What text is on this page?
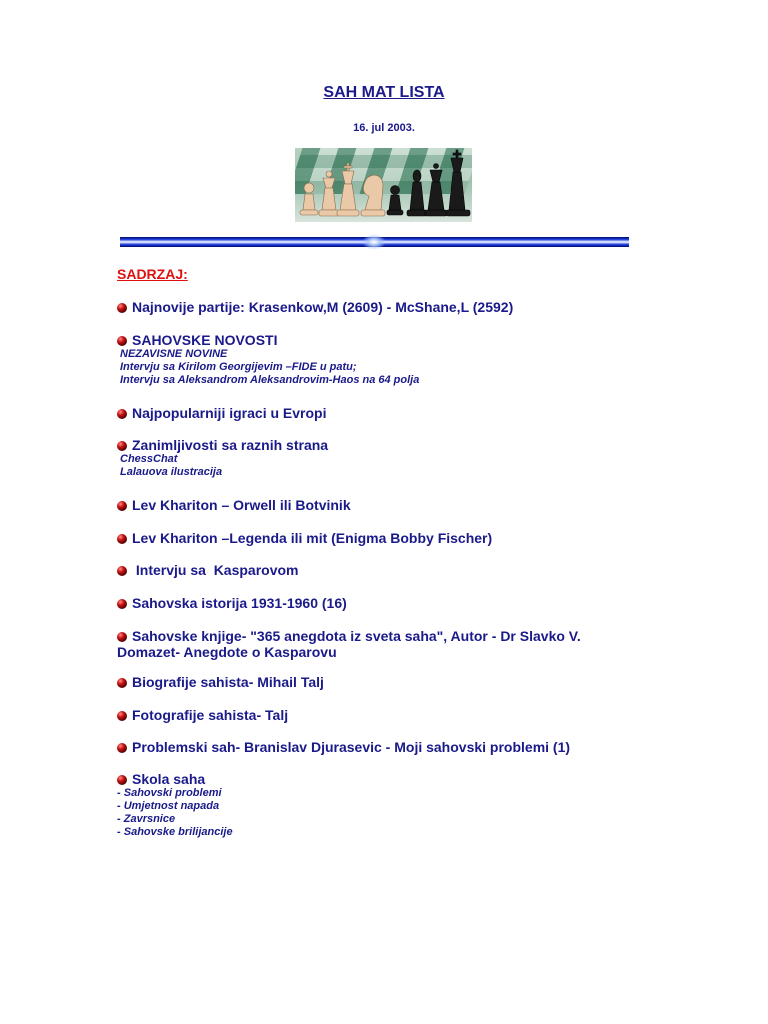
SAH MAT LISTA
16. jul 2003.
SADRZAJ:
Najnovije partije: Krasenkow,M (2609) - McShane,L (2592)
SAHOVSKE NOVOSTI
NEZAVISNE NOVINE
Intervju sa Kirilom Georgijevim –FIDE u patu;
Intervju sa Aleksandrom Aleksandrovim-Haos na 64 polja
Najpopularniji igraci u Evropi
Zanimljivosti sa raznih strana
ChessChat
Lalauova ilustracija
Lev Khariton – Orwell ili Botvinik
Lev Khariton –Legenda ili mit (Enigma Bobby Fischer)
Intervju sa  Kasparovom
Sahovska istorija 1931-1960 (16)
Sahovske knjige- "365 anegdota iz sveta saha", Autor - Dr Slavko V.
Domazet- Anegdote o Kasparovu
Biografije sahista- Mihail Talj
Fotografije sahista- Talj
Problemski sah- Branislav Djurasevic - Moji sahovski problemi (1)
Skola saha
- Sahovski problemi
- Umjetnost napada
- Zavrsnice
- Sahovske brilijancije
